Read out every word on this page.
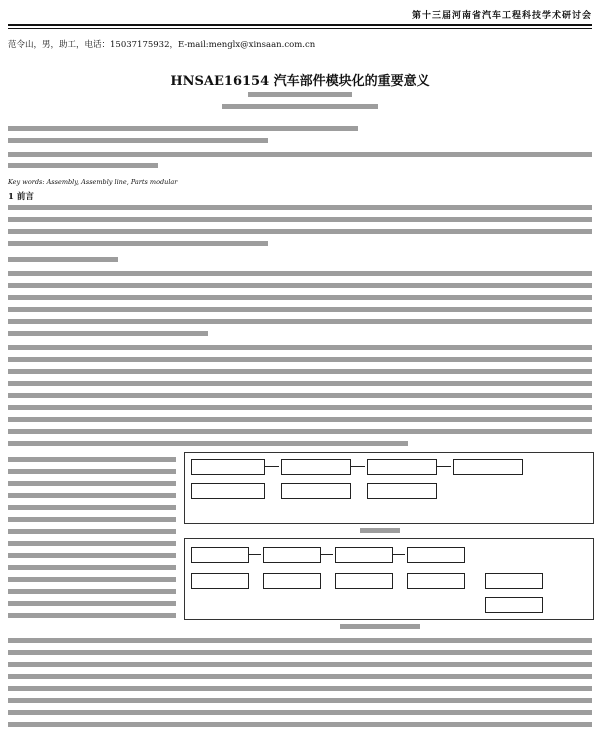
第十三届河南省汽车工程科技学术研讨会
范令山，男，助工，电话：15037175932，E-mail:menglx@xinsaan.com.cn
HNSAE16154 汽车部件模块化的重要意义
Key words: Assembly, Assembly line, Parts modular
1 前言
